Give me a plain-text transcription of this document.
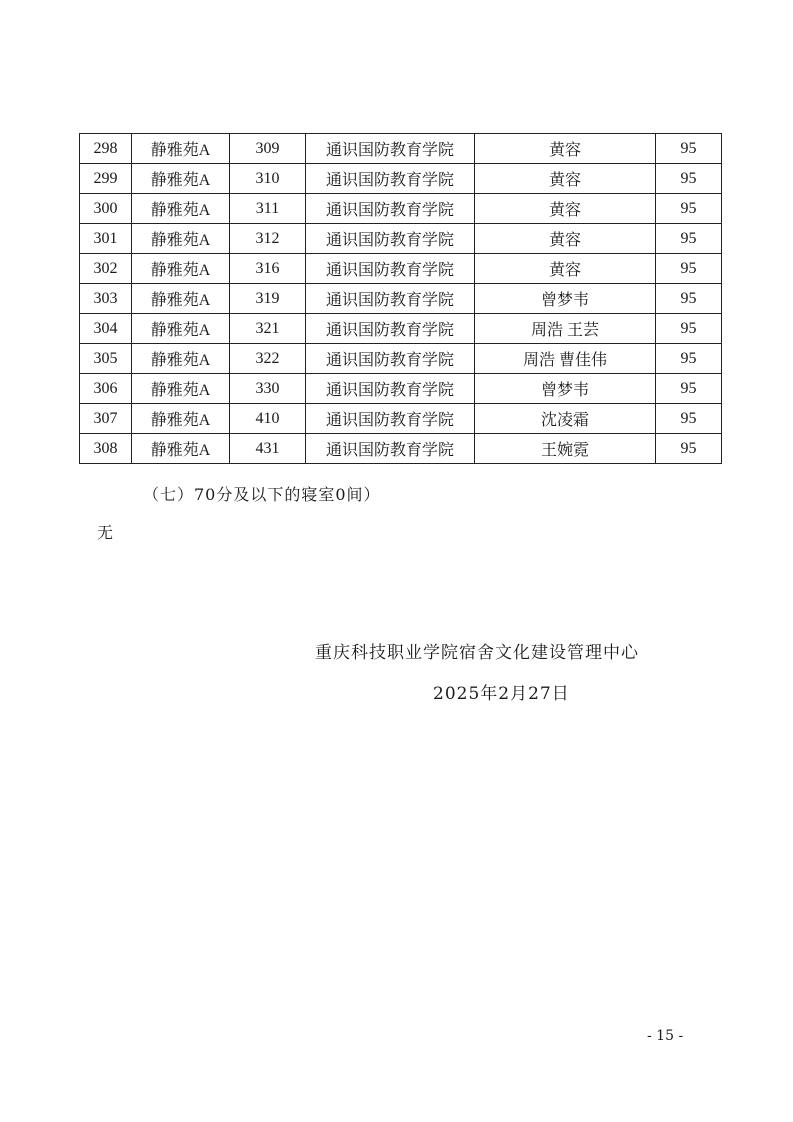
298	静雅苑A	309	通识国防教育学院	黄容	95
299	静雅苑A	310	通识国防教育学院	黄容	95
300	静雅苑A	311	通识国防教育学院	黄容	95
301	静雅苑A	312	通识国防教育学院	黄容	95
302	静雅苑A	316	通识国防教育学院	黄容	95
303	静雅苑A	319	通识国防教育学院	曾梦韦	95
304	静雅苑A	321	通识国防教育学院	周浩 王芸	95
305	静雅苑A	322	通识国防教育学院	周浩 曹佳伟	95
306	静雅苑A	330	通识国防教育学院	曾梦韦	95
307	静雅苑A	410	通识国防教育学院	沈凌霜	95
308	静雅苑A	431	通识国防教育学院	王婉霓	95
（七）70分及以下的寝室0间）
无
重庆科技职业学院宿舍文化建设管理中心
2025年2月27日
- 15 -
